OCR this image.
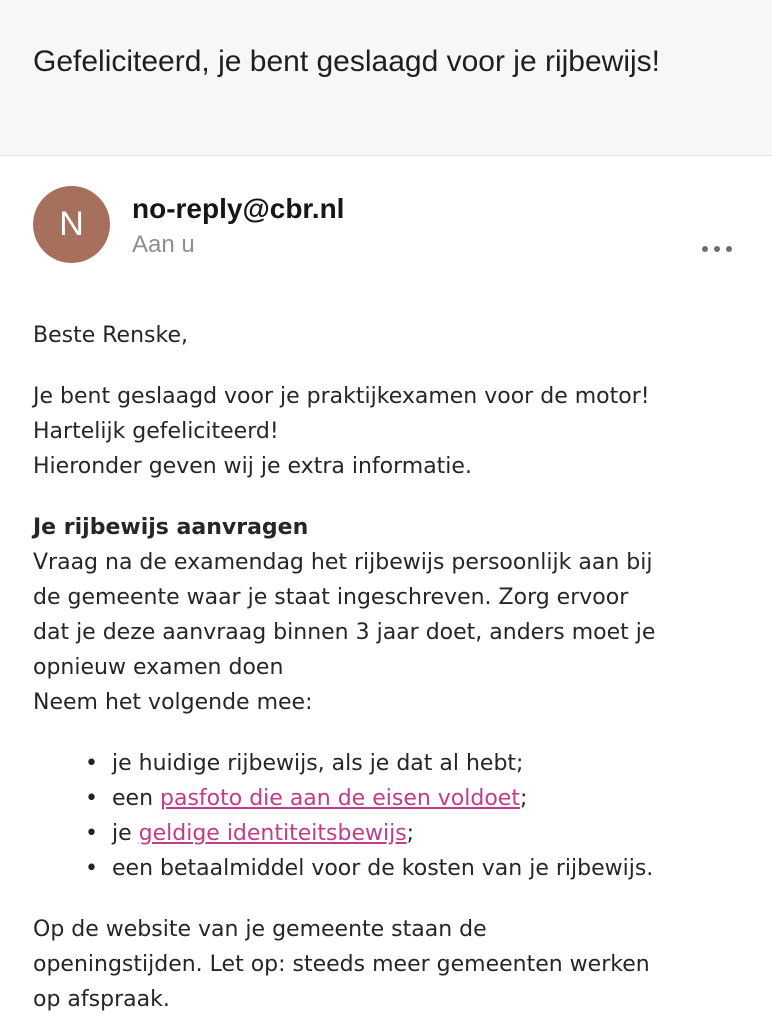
Gefeliciteerd, je bent geslaagd voor je rijbewijs!
N	no-reply@cbr.nl
Aan u
Beste Renske,
Je bent geslaagd voor je praktijkexamen voor de motor!
Hartelijk gefeliciteerd!
Hieronder geven wij je extra informatie.
Je rijbewijs aanvragen
Vraag na de examendag het rijbewijs persoonlijk aan bij
de gemeente waar je staat ingeschreven. Zorg ervoor
dat je deze aanvraag binnen 3 jaar doet, anders moet je
opnieuw examen doen
Neem het volgende mee:
• je huidige rijbewijs, als je dat al hebt;
• een pasfoto die aan de eisen voldoet;
• je geldige identiteitsbewijs;
• een betaalmiddel voor de kosten van je rijbewijs.
Op de website van je gemeente staan de
openingstijden. Let op: steeds meer gemeenten werken
op afspraak.
